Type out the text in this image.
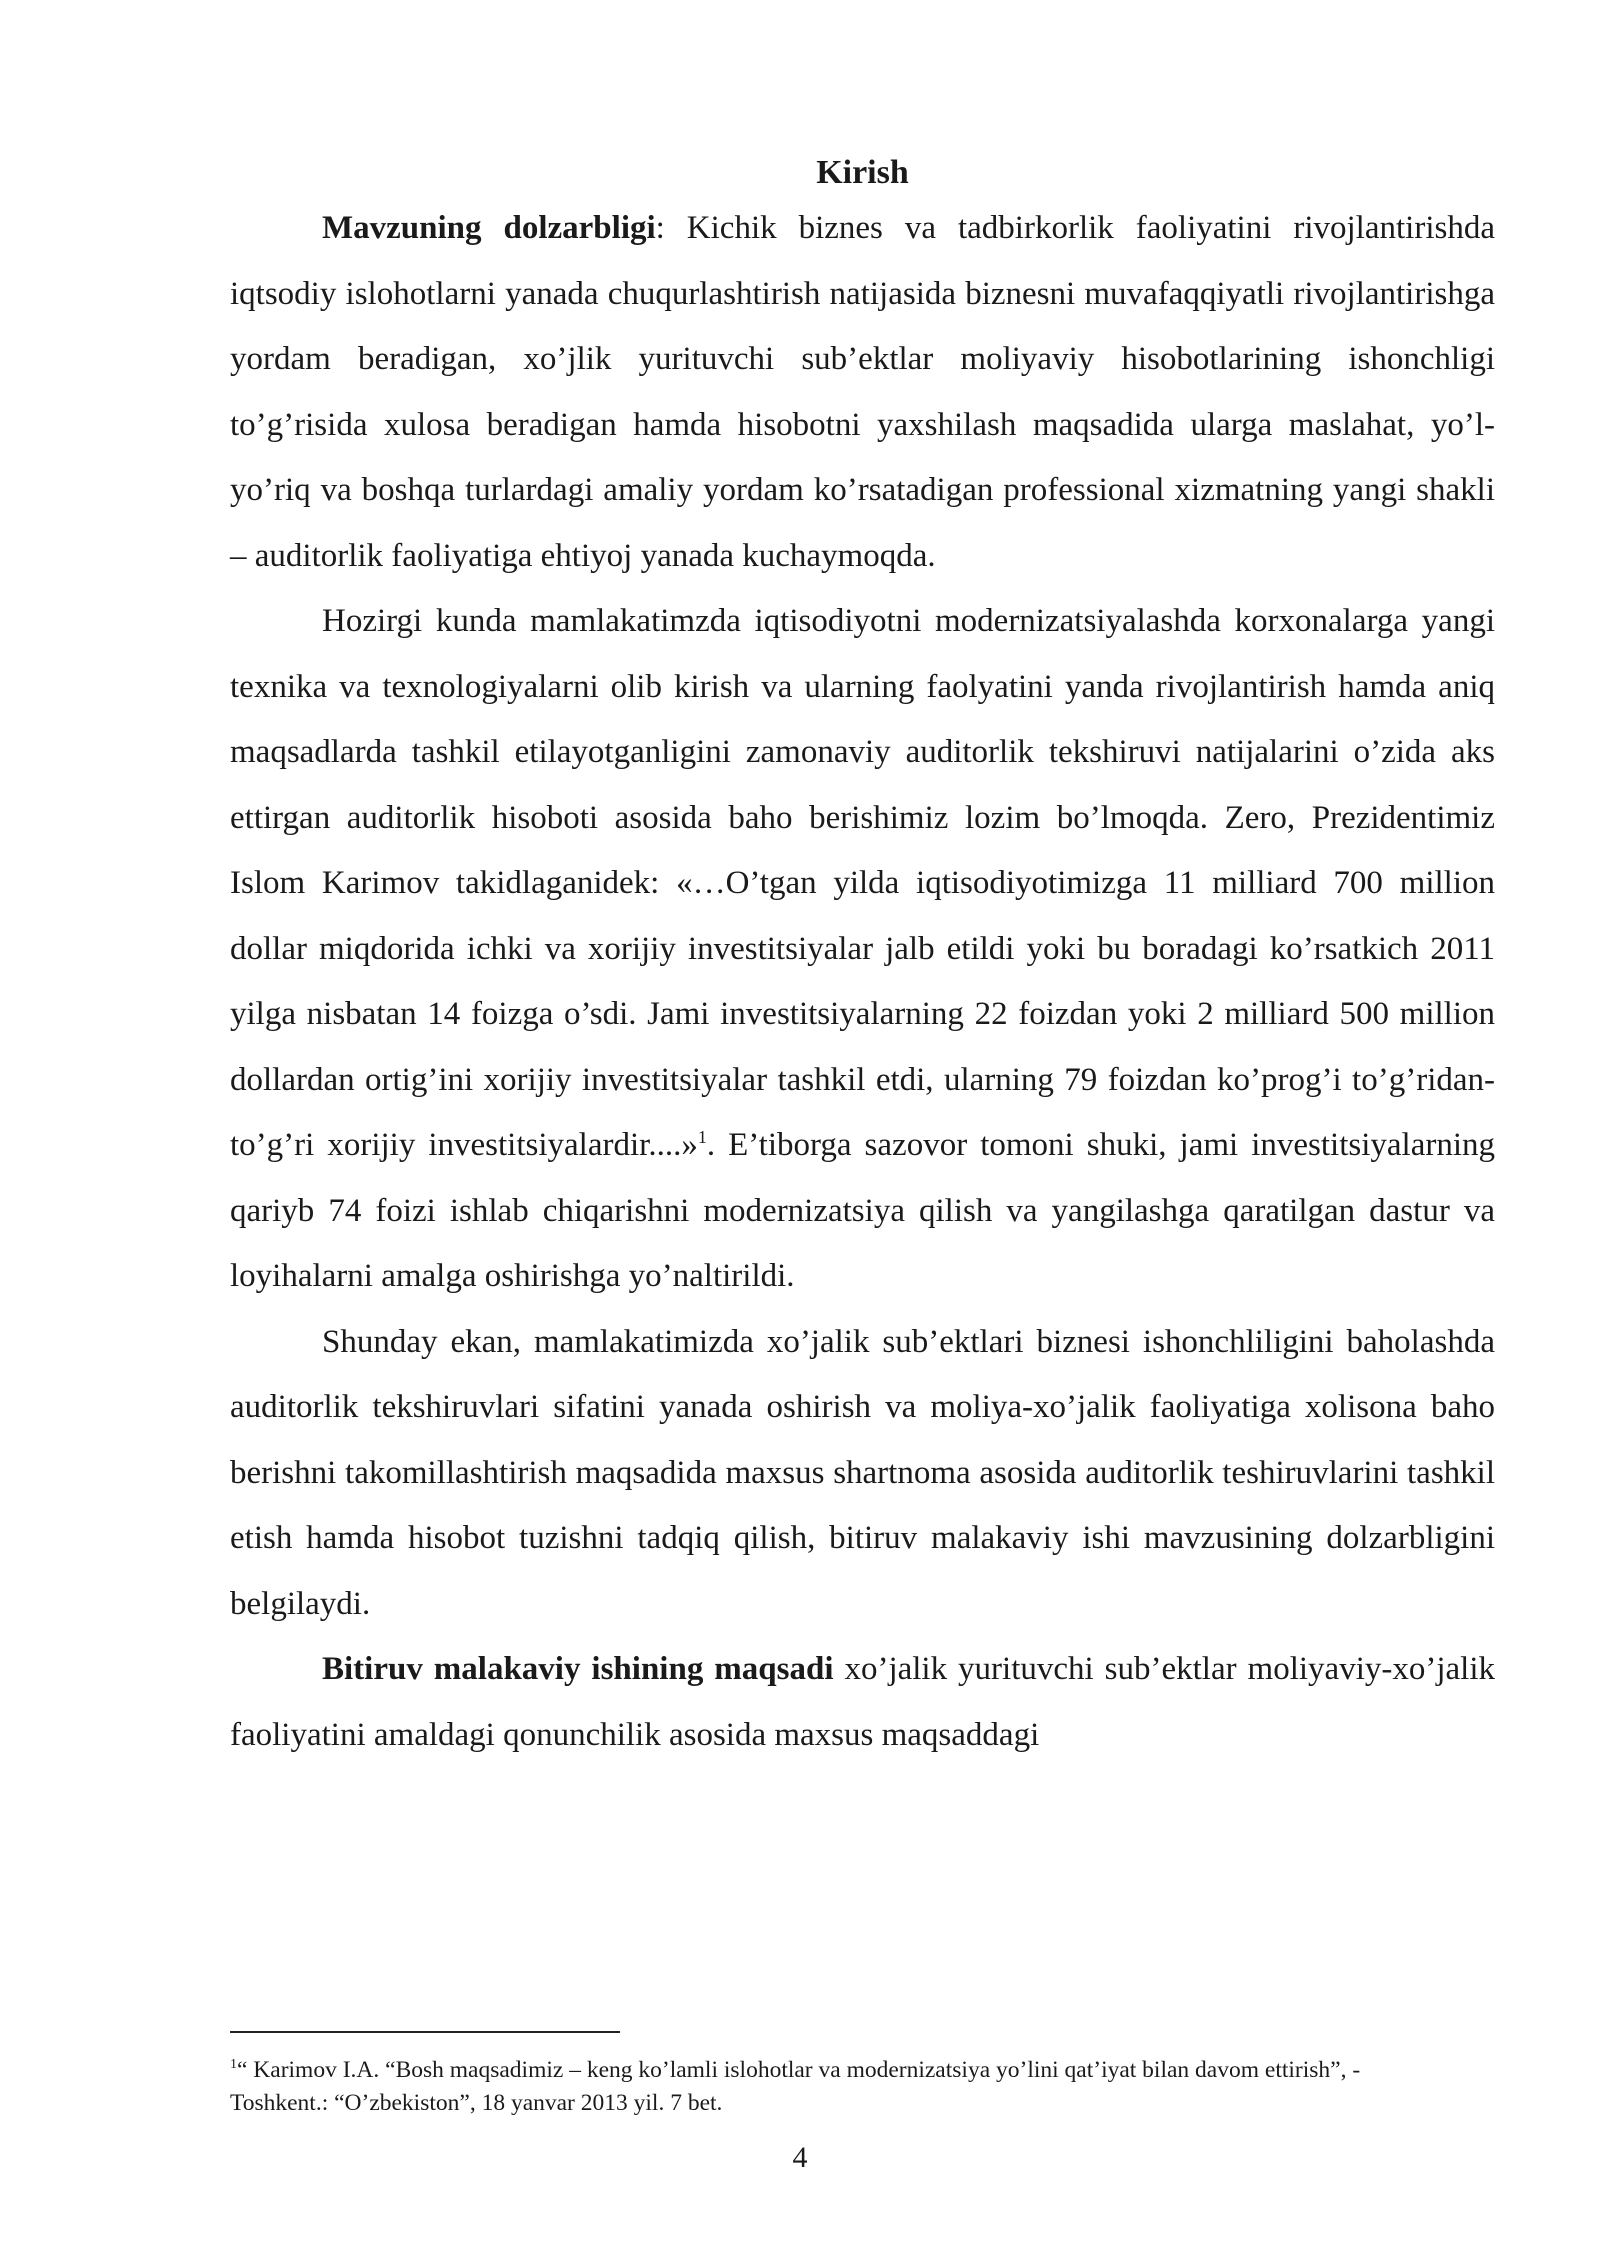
Kirish

Mavzuning dolzarbligi: Kichik biznes va tadbirkorlik faoliyatini rivojlantirishda iqtsodiy islohotlarni yanada chuqurlashtirish natijasida biznesni muvafaqqiyatli rivojlantirishga yordam beradigan, xo’jlik yurituvchi sub’ektlar moliyaviy hisobotlarining ishonchligi to’g’risida xulosa beradigan hamda hisobotni yaxshilash maqsadida ularga maslahat, yo’l-yo’riq va boshqa turlardagi amaliy yordam ko’rsatadigan professional xizmatning yangi shakli – auditorlik faoliyatiga ehtiyoj yanada kuchaymoqda.

Hozirgi kunda mamlakatimzda iqtisodiyotni modernizatsiyalashda korxonalarga yangi texnika va texnologiyalarni olib kirish va ularning faolyatini yanda rivojlantirish hamda aniq maqsadlarda tashkil etilayotganligini zamonaviy auditorlik tekshiruvi natijalarini o’zida aks ettirgan auditorlik hisoboti asosida baho berishimiz lozim bo’lmoqda. Zero, Prezidentimiz Islom Karimov takidlaganidek: «…O’tgan yilda iqtisodiyotimizga 11 milliard 700 million dollar miqdorida ichki va xorijiy investitsiyalar jalb etildi yoki bu boradagi ko’rsatkich 2011 yilga nisbatan 14 foizga o’sdi. Jami investitsiyalarning 22 foizdan yoki 2 milliard 500 million dollardan ortig’ini xorijiy investitsiyalar tashkil etdi, ularning 79 foizdan ko’prog’i to’g’ridan-to’g’ri xorijiy investitsiyalardir....»$^1$. E’tiborga sazovor tomoni shuki, jami investitsiyalarning qariyb 74 foizi ishlab chiqarishni modernizatsiya qilish va yangilashga qaratilgan dastur va loyihalarni amalga oshirishga yo’naltirildi.

Shunday ekan, mamlakatimizda xo’jalik sub’ektlari biznesi ishonchliligini baholashda auditorlik tekshiruvlari sifatini yanada oshirish va moliya-xo’jalik faoliyatiga xolisona baho berishni takomillashtirish maqsadida maxsus shartnoma asosida auditorlik teshiruvlarini tashkil etish hamda hisobot tuzishni tadqiq qilish, bitiruv malakaviy ishi mavzusining dolzarbligini belgilaydi.

Bitiruv malakaviy ishining maqsadi xo’jalik yurituvchi sub’ektlar moliyaviy-xo’jalik faoliyatini amaldagi qonunchilik asosida maxsus maqsaddagi

$^1$“ Karimov I.A. “Bosh maqsadimiz – keng ko’lamli islohotlar va modernizatsiya yo’lini qat’iyat bilan davom ettirish”, -Toshkent.: “O’zbekiston”, 18 yanvar 2013 yil. 7 bet.
4
